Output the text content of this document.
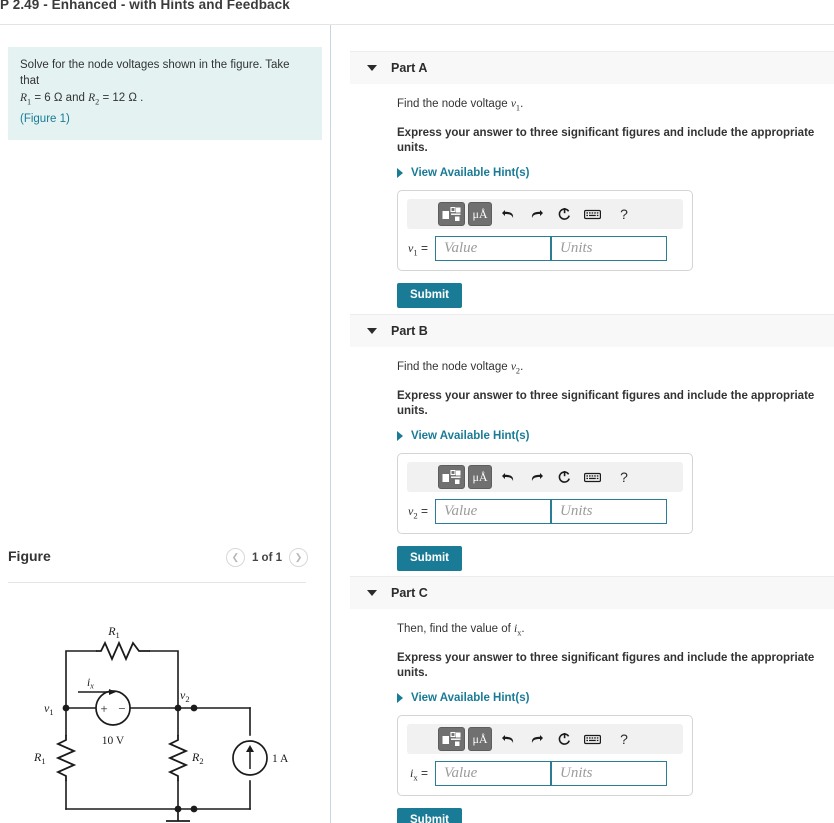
P 2.49 - Enhanced - with Hints and Feedback
Solve for the node voltages shown in the figure. Take that
$R_1 = 6$ Ω and $R_2 = 12$ Ω .
(Figure 1)
Figure	❮ 1 of 1 ❯
$R_1$
$R_1$	$R_2$
+ −
10 V
1 A
$i_x$
$v_1$
$v_2$
Part A

Find the node voltage $v_1$.

Express your answer to three significant figures and include the appropriate units.

View Available Hint(s)
μÅ	?
$v_1$ =
Value
Units
Submit
Part B

Find the node voltage $v_2$.

Express your answer to three significant figures and include the appropriate units.

View Available Hint(s)
μÅ	?
$v_2$ =
Value
Units
Submit
Part C

Then, find the value of $i_x$.

Express your answer to three significant figures and include the appropriate units.

View Available Hint(s)
μÅ	?
$i_x$ =
Value
Units
Submit
